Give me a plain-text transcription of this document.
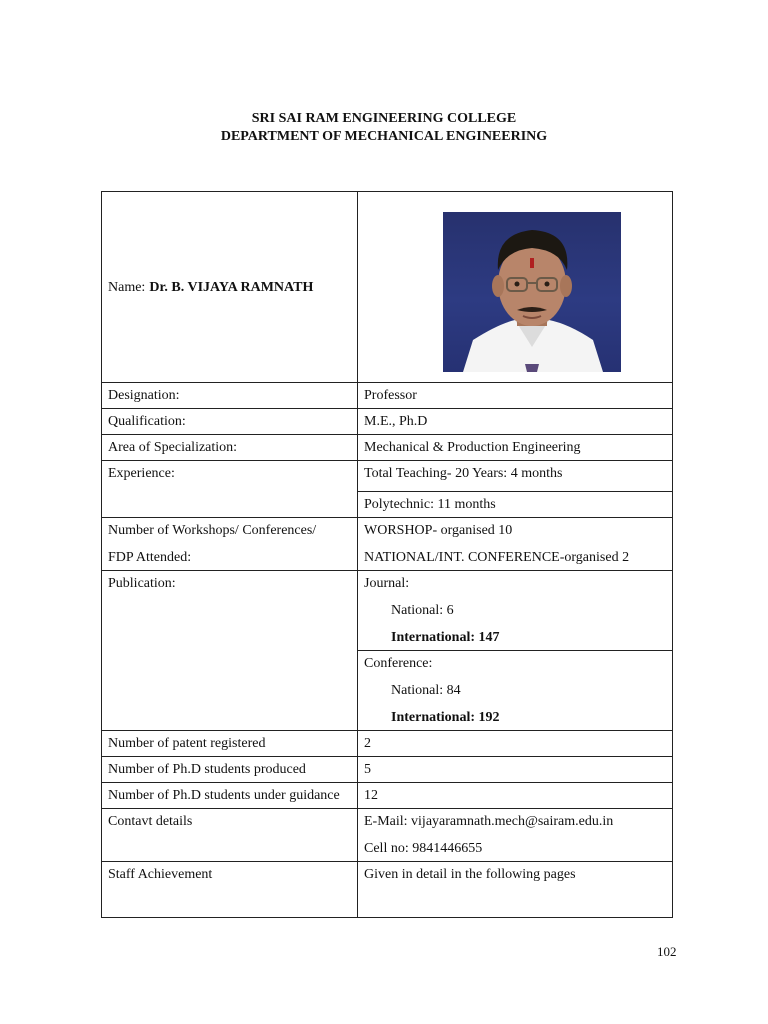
SRI SAI RAM ENGINEERING COLLEGE
DEPARTMENT OF MECHANICAL ENGINEERING
Name: Dr. B. VIJAYA RAMNATH	

Designation:	Professor
Qualification:	M.E., Ph.D
Area of Specialization:	Mechanical & Production Engineering
Experience:	Total Teaching- 20 Years: 4 months
	Polytechnic: 11 months

Number of Workshops/ Conferences/
FDP Attended:	WORSHOP- organised 10
NATIONAL/INT. CONFERENCE-organised 2

Publication:	Journal:
National: 6
International: 147

	Conference:
National: 84
International: 192

Number of patent registered	2
Number of Ph.D students produced	5
Number of Ph.D students under guidance	12
Contavt details	E-Mail: vijayaramnath.mech@sairam.edu.in
Cell no: 9841446655

Staff Achievement	Given in detail in the following pages
102
